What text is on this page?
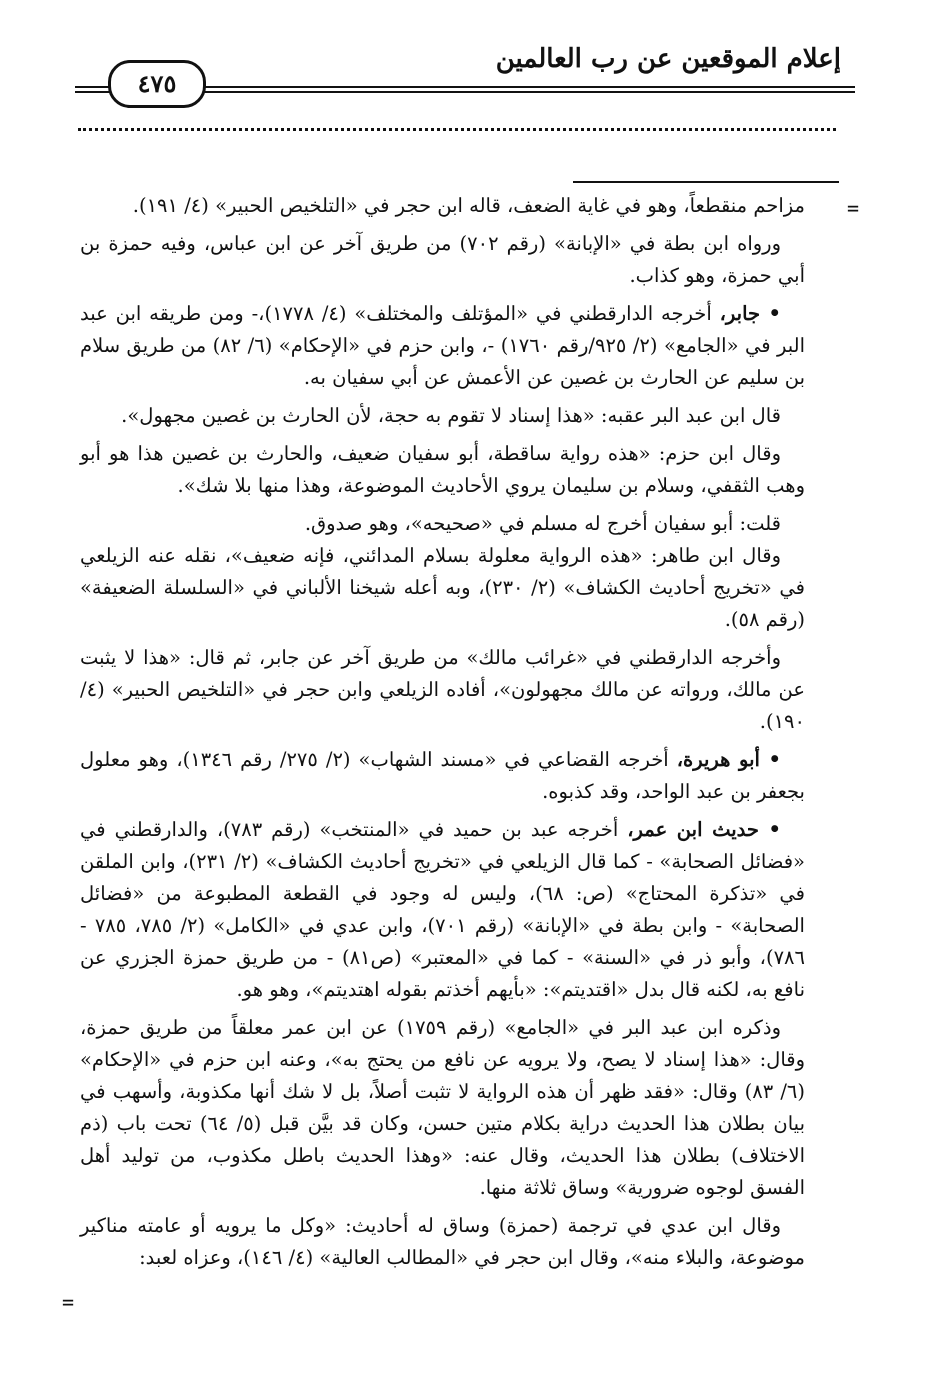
إعلام الموقعين عن رب العالمين
٤٧٥
=
=

مزاحم منقطعاً، وهو في غاية الضعف، قاله ابن حجر في «التلخيص الحبير» (٤/ ١٩١).

ورواه ابن بطة في «الإبانة» (رقم ٧٠٢) من طريق آخر عن ابن عباس، وفيه حمزة بن أبي حمزة، وهو كذاب.

• جابر، أخرجه الدارقطني في «المؤتلف والمختلف» (٤/ ١٧٧٨)،- ومن طريقه ابن عبد البر في «الجامع» (٢/ ٩٢٥/رقم ١٧٦٠) -، وابن حزم في «الإحكام» (٦/ ٨٢) من طريق سلام بن سليم عن الحارث بن غصين عن الأعمش عن أبي سفيان به.

قال ابن عبد البر عقبه: «هذا إسناد لا تقوم به حجة، لأن الحارث بن غصين مجهول».

وقال ابن حزم: «هذه رواية ساقطة، أبو سفيان ضعيف، والحارث بن غصين هذا هو أبو وهب الثقفي، وسلام بن سليمان يروي الأحاديث الموضوعة، وهذا منها بلا شك».

قلت: أبو سفيان أخرج له مسلم في «صحيحه»، وهو صدوق.

وقال ابن طاهر: «هذه الرواية معلولة بسلام المدائني، فإنه ضعيف»، نقله عنه الزيلعي في «تخريج أحاديث الكشاف» (٢/ ٢٣٠)، وبه أعله شيخنا الألباني في «السلسلة الضعيفة» (رقم ٥٨).

وأخرجه الدارقطني في «غرائب مالك» من طريق آخر عن جابر، ثم قال: «هذا لا يثبت عن مالك، ورواته عن مالك مجهولون»، أفاده الزيلعي وابن حجر في «التلخيص الحبير» (٤/ ١٩٠).

• أبو هريرة، أخرجه القضاعي في «مسند الشهاب» (٢/ ٢٧٥/ رقم ١٣٤٦)، وهو معلول بجعفر بن عبد الواحد، وقد كذبوه.

• حديث ابن عمر، أخرجه عبد بن حميد في «المنتخب» (رقم ٧٨٣)، والدارقطني في «فضائل الصحابة» - كما قال الزيلعي في «تخريج أحاديث الكشاف» (٢/ ٢٣١)، وابن الملقن في «تذكرة المحتاج» (ص: ٦٨)، وليس له وجود في القطعة المطبوعة من «فضائل الصحابة» - وابن بطة في «الإبانة» (رقم ٧٠١)، وابن عدي في «الكامل» (٢/ ٧٨٥، ٧٨٥ - ٧٨٦)، وأبو ذر في «السنة» - كما في «المعتبر» (ص٨١) - من طريق حمزة الجزري عن نافع به، لكنه قال بدل «اقتديتم»: «بأيهم أخذتم بقوله اهتديتم»، وهو هو.

وذكره ابن عبد البر في «الجامع» (رقم ١٧٥٩) عن ابن عمر معلقاً من طريق حمزة، وقال: «هذا إسناد لا يصح، ولا يرويه عن نافع من يحتج به»، وعنه ابن حزم في «الإحكام» (٦/ ٨٣) وقال: «فقد ظهر أن هذه الرواية لا تثبت أصلاً، بل لا شك أنها مكذوبة، وأسهب في بيان بطلان هذا الحديث دراية بكلام متين حسن، وكان قد بيَّن قبل (٥/ ٦٤) تحت باب (ذم الاختلاف) بطلان هذا الحديث، وقال عنه: «وهذا الحديث باطل مكذوب، من توليد أهل الفسق لوجوه ضرورية» وساق ثلاثة منها.

وقال ابن عدي في ترجمة (حمزة) وساق له أحاديث: «وكل ما يرويه أو عامته مناكير موضوعة، والبلاء منه»، وقال ابن حجر في «المطالب العالية» (٤/ ١٤٦)، وعزاه لعبد:
